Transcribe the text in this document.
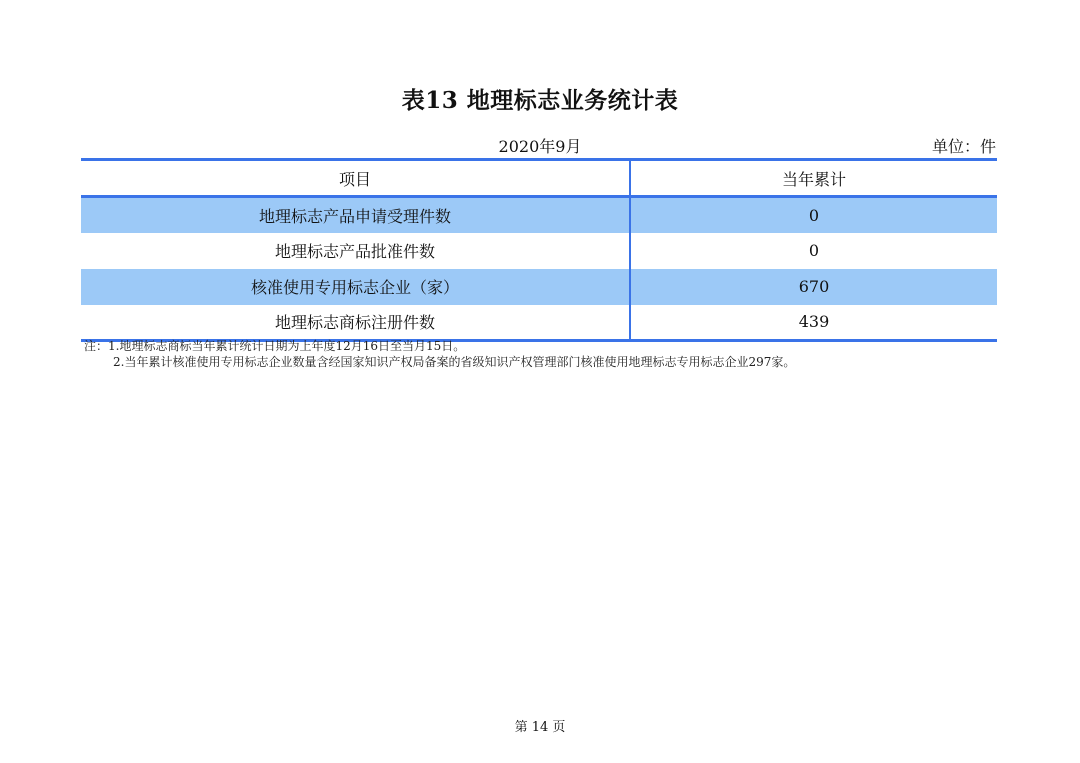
表13 地理标志业务统计表
2020年9月	单位：件
项目	当年累计
地理标志产品申请受理件数	0
地理标志产品批准件数	0
核准使用专用标志企业（家）	670
地理标志商标注册件数	439
注：1.地理标志商标当年累计统计日期为上年度12月16日至当月15日。
2.当年累计核准使用专用标志企业数量含经国家知识产权局备案的省级知识产权管理部门核准使用地理标志专用标志企业297家。
第 14 页
